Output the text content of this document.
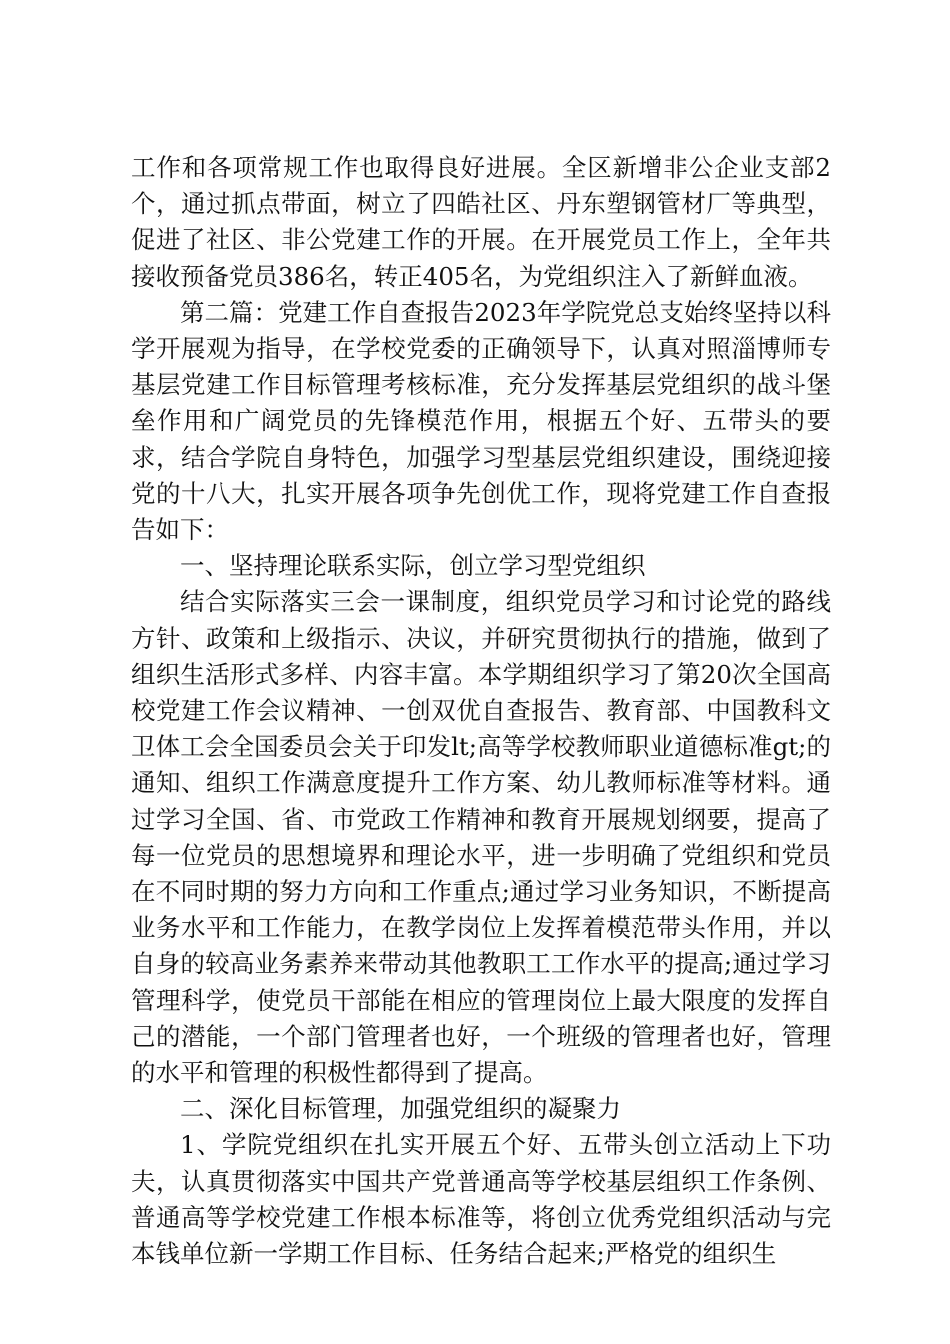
工作和各项常规工作也取得良好进展。全区新增非公企业支部2个，通过抓点带面，树立了四皓社区、丹东塑钢管材厂等典型，促进了社区、非公党建工作的开展。在开展党员工作上，全年共接收预备党员386名，转正405名，为党组织注入了新鲜血液。

第二篇：党建工作自查报告2023年学院党总支始终坚持以科学开展观为指导，在学校党委的正确领导下，认真对照淄博师专基层党建工作目标管理考核标准，充分发挥基层党组织的战斗堡垒作用和广阔党员的先锋模范作用，根据五个好、五带头的要求，结合学院自身特色，加强学习型基层党组织建设，围绕迎接党的十八大，扎实开展各项争先创优工作，现将党建工作自查报告如下：

一、坚持理论联系实际，创立学习型党组织

结合实际落实三会一课制度，组织党员学习和讨论党的路线方针、政策和上级指示、决议，并研究贯彻执行的措施，做到了组织生活形式多样、内容丰富。本学期组织学习了第20次全国高校党建工作会议精神、一创双优自查报告、教育部、中国教科文卫体工会全国委员会关于印发lt;高等学校教师职业道德标准gt;的通知、组织工作满意度提升工作方案、幼儿教师标准等材料。通过学习全国、省、市党政工作精神和教育开展规划纲要，提高了每一位党员的思想境界和理论水平，进一步明确了党组织和党员在不同时期的努力方向和工作重点;通过学习业务知识，不断提高业务水平和工作能力，在教学岗位上发挥着模范带头作用，并以自身的较高业务素养来带动其他教职工工作水平的提高;通过学习管理科学，使党员干部能在相应的管理岗位上最大限度的发挥自己的潜能，一个部门管理者也好，一个班级的管理者也好，管理的水平和管理的积极性都得到了提高。

二、深化目标管理，加强党组织的凝聚力

1、学院党组织在扎实开展五个好、五带头创立活动上下功夫，认真贯彻落实中国共产党普通高等学校基层组织工作条例、普通高等学校党建工作根本标准等，将创立优秀党组织活动与完本钱单位新一学期工作目标、任务结合起来;严格党的组织生
